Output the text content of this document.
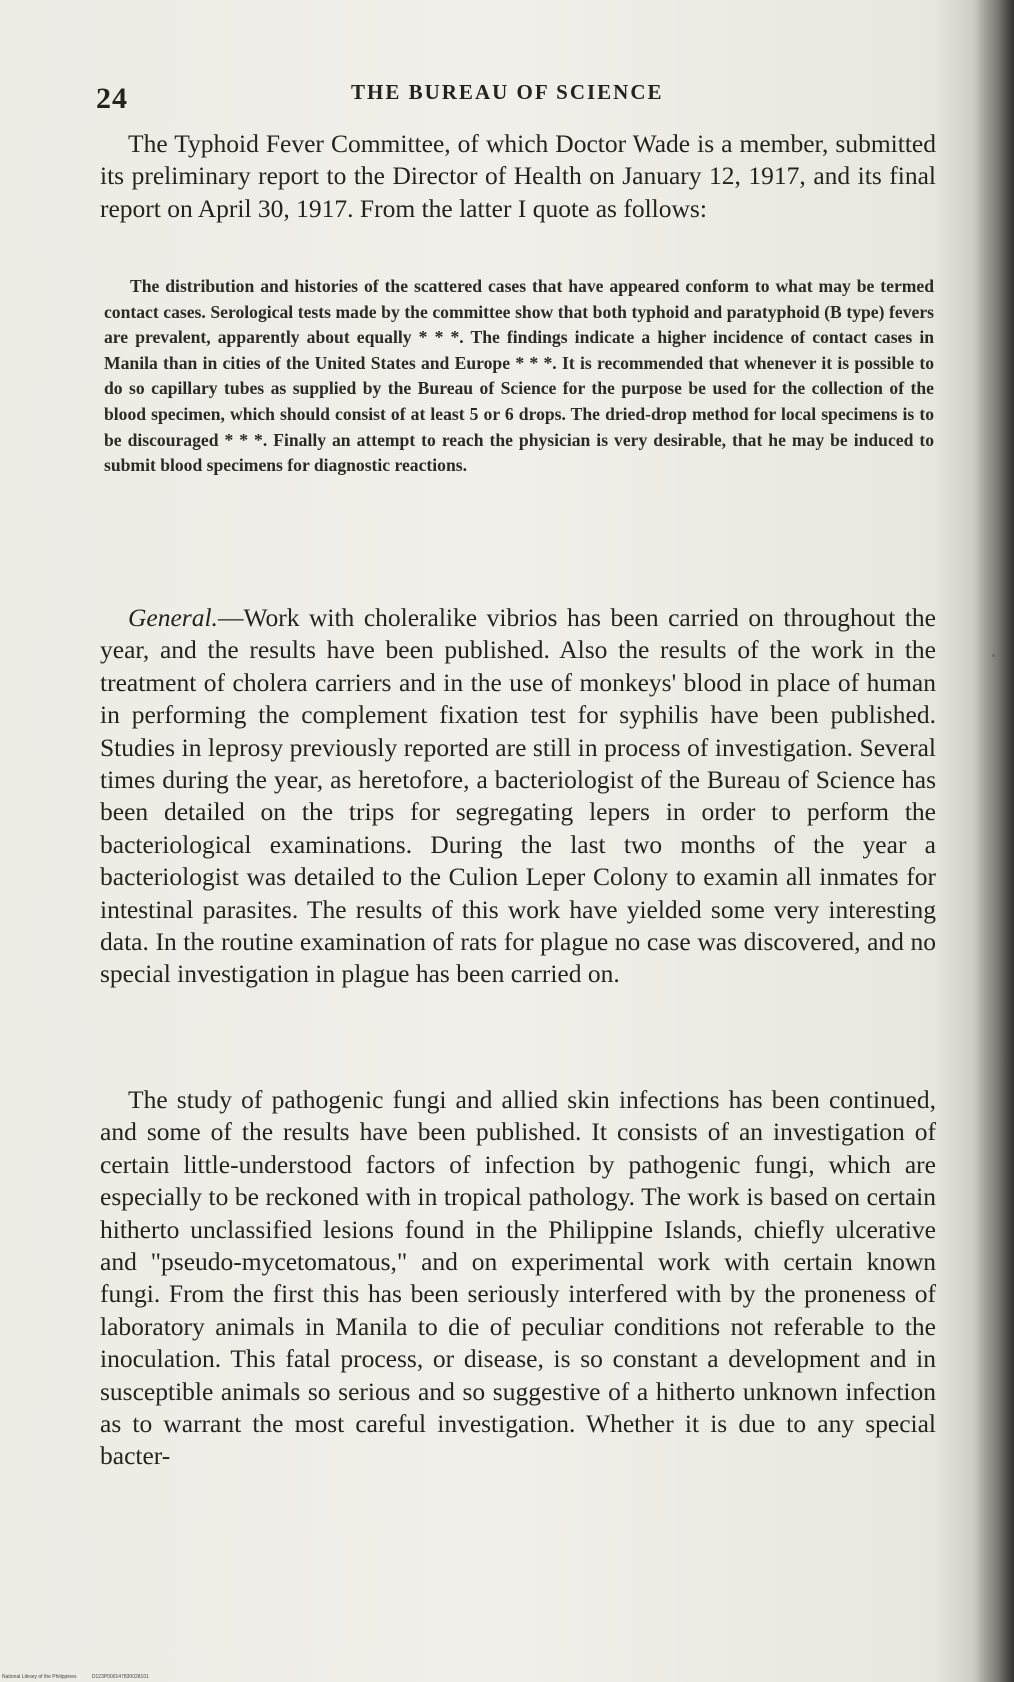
24	THE BUREAU OF SCIENCE

The Typhoid Fever Committee, of which Doctor Wade is a member, submitted its preliminary report to the Director of Health on January 12, 1917, and its final report on April 30, 1917. From the latter I quote as follows:

The distribution and histories of the scattered cases that have appeared conform to what may be termed contact cases. Serological tests made by the committee show that both typhoid and paratyphoid (B type) fevers are prevalent, apparently about equally * * *. The findings indicate a higher incidence of contact cases in Manila than in cities of the United States and Europe * * *. It is recommended that whenever it is possible to do so capillary tubes as supplied by the Bureau of Science for the purpose be used for the collection of the blood specimen, which should consist of at least 5 or 6 drops. The dried-drop method for local specimens is to be discouraged * * *. Finally an attempt to reach the physician is very desirable, that he may be induced to submit blood specimens for diagnostic reactions.

General.—Work with choleralike vibrios has been carried on throughout the year, and the results have been published. Also the results of the work in the treatment of cholera carriers and in the use of monkeys' blood in place of human in performing the complement fixation test for syphilis have been published. Studies in leprosy previously reported are still in process of investigation. Several times during the year, as heretofore, a bacteriologist of the Bureau of Science has been detailed on the trips for segregating lepers in order to perform the bacteriological examinations. During the last two months of the year a bacteriologist was detailed to the Culion Leper Colony to examin all inmates for intestinal parasites. The results of this work have yielded some very interesting data. In the routine examination of rats for plague no case was discovered, and no special investigation in plague has been carried on.

The study of pathogenic fungi and allied skin infections has been continued, and some of the results have been published. It consists of an investigation of certain little-understood factors of infection by pathogenic fungi, which are especially to be reckoned with in tropical pathology. The work is based on certain hitherto unclassified lesions found in the Philippine Islands, chiefly ulcerative and "pseudo-mycetomatous," and on experimental work with certain known fungi. From the first this has been seriously interfered with by the proneness of laboratory animals in Manila to die of peculiar conditions not referable to the inoculation. This fatal process, or disease, is so constant a development and in susceptible animals so serious and so suggestive of a hitherto unknown infection as to warrant the most careful investigation. Whether it is due to any special bacter-

National Library of the Philippines	D123P000147830028101
